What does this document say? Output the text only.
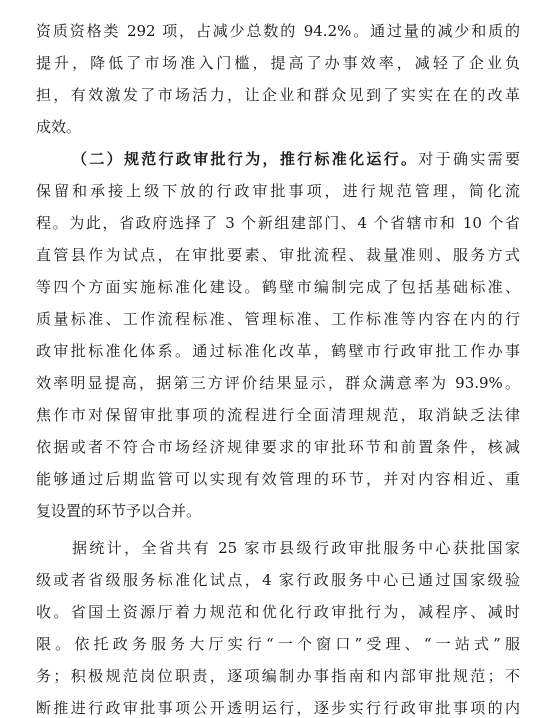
资质资格类 292 项，占减少总数的 94.2%。通过量的减少和质的
提升，降低了市场准入门槛，提高了办事效率，减轻了企业负
担，有效激发了市场活力，让企业和群众见到了实实在在的改革
成效。
（二）规范行政审批行为，推行标准化运行。对于确实需要
保留和承接上级下放的行政审批事项，进行规范管理，简化流
程。为此，省政府选择了 3 个新组建部门、4 个省辖市和 10 个省
直管县作为试点，在审批要素、审批流程、裁量准则、服务方式
等四个方面实施标准化建设。鹤壁市编制完成了包括基础标准、
质量标准、工作流程标准、管理标准、工作标准等内容在内的行
政审批标准化体系。通过标准化改革，鹤壁市行政审批工作办事
效率明显提高，据第三方评价结果显示，群众满意率为 93.9%。
焦作市对保留审批事项的流程进行全面清理规范，取消缺乏法律
依据或者不符合市场经济规律要求的审批环节和前置条件，核减
能够通过后期监管可以实现有效管理的环节，并对内容相近、重
复设置的环节予以合并。
据统计，全省共有 25 家市县级行政审批服务中心获批国家
级或者省级服务标准化试点，4 家行政服务中心已通过国家级验
收。省国土资源厅着力规范和优化行政审批行为，减程序、减时
限。依托政务服务大厅实行“一个窗口”受理、“一站式”服
务；积极规范岗位职责，逐项编制办事指南和内部审批规范；不
断推进行政审批事项公开透明运行，逐步实行行政审批事项的内
